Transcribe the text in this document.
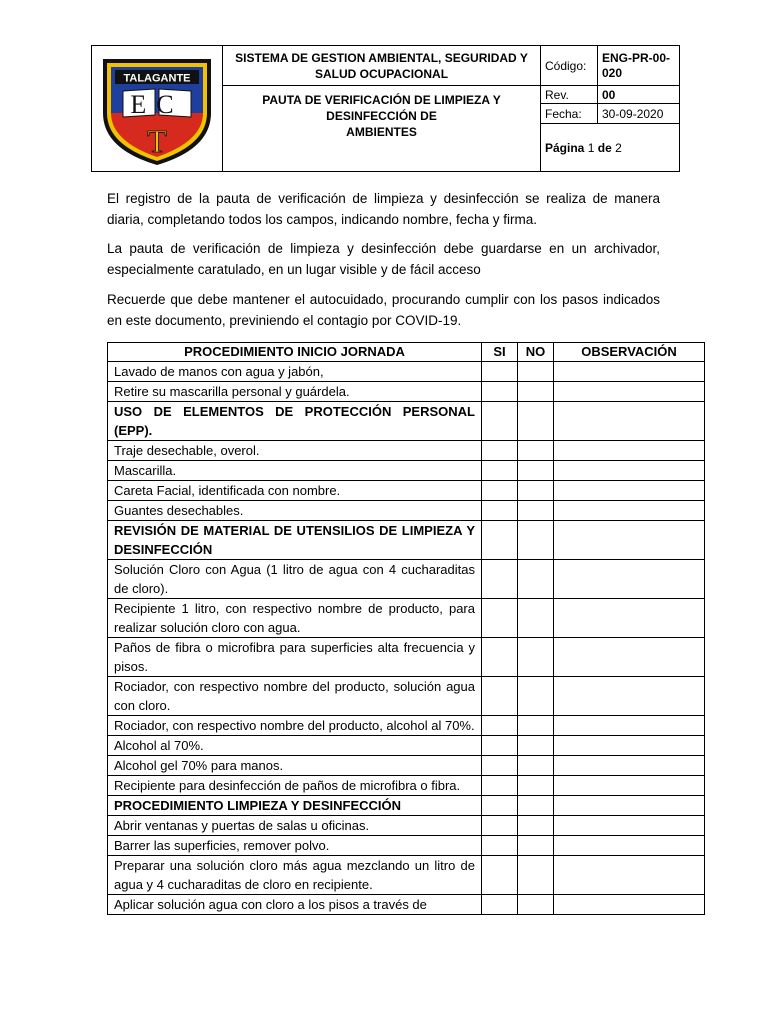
TALAGANTE
EC
T	SISTEMA DE GESTION AMBIENTAL, SEGURIDAD Y SALUD OCUPACIONAL	Código:	ENG-PR-00-020

	PAUTA DE VERIFICACIÓN DE LIMPIEZA Y
DESINFECCIÓN DE
AMBIENTES	Rev.	00
		Fecha:	30-09-2020
		Página 1 de 2	

El registro de la pauta de verificación de limpieza y desinfección se realiza de manera diaria, completando todos los campos, indicando nombre, fecha y firma.

La pauta de verificación de limpieza y desinfección debe guardarse en un archivador, especialmente caratulado, en un lugar visible y de fácil acceso

Recuerde que debe mantener el autocuidado, procurando cumplir con los pasos indicados en este documento, previniendo el contagio por COVID-19.

PROCEDIMIENTO INICIO JORNADA	SI	NO	OBSERVACIÓN
Lavado de manos con agua y jabón,			
Retire su mascarilla personal y guárdela.			
USO DE ELEMENTOS DE PROTECCIÓN PERSONAL (EPP).			
Traje desechable, overol.			
Mascarilla.			
Careta Facial, identificada con nombre.			
Guantes desechables.			
REVISIÓN DE MATERIAL DE UTENSILIOS DE LIMPIEZA Y DESINFECCIÓN			
Solución Cloro con Agua (1 litro de agua con 4 cucharaditas de cloro).			
Recipiente 1 litro, con respectivo nombre de producto, para realizar solución cloro con agua.			
Paños de fibra o microfibra para superficies alta frecuencia y pisos.			
Rociador, con respectivo nombre del producto, solución agua con cloro.			
Rociador, con respectivo nombre del producto, alcohol al 70%.			
Alcohol al 70%.			
Alcohol gel 70% para manos.			
Recipiente para desinfección de paños de microfibra o fibra.			
PROCEDIMIENTO LIMPIEZA Y DESINFECCIÓN			
Abrir ventanas y puertas de salas u oficinas.			
Barrer las superficies, remover polvo.			
Preparar una solución cloro más agua mezclando un litro de agua y 4 cucharaditas de cloro en recipiente.			
Aplicar solución agua con cloro a los pisos a través de			
